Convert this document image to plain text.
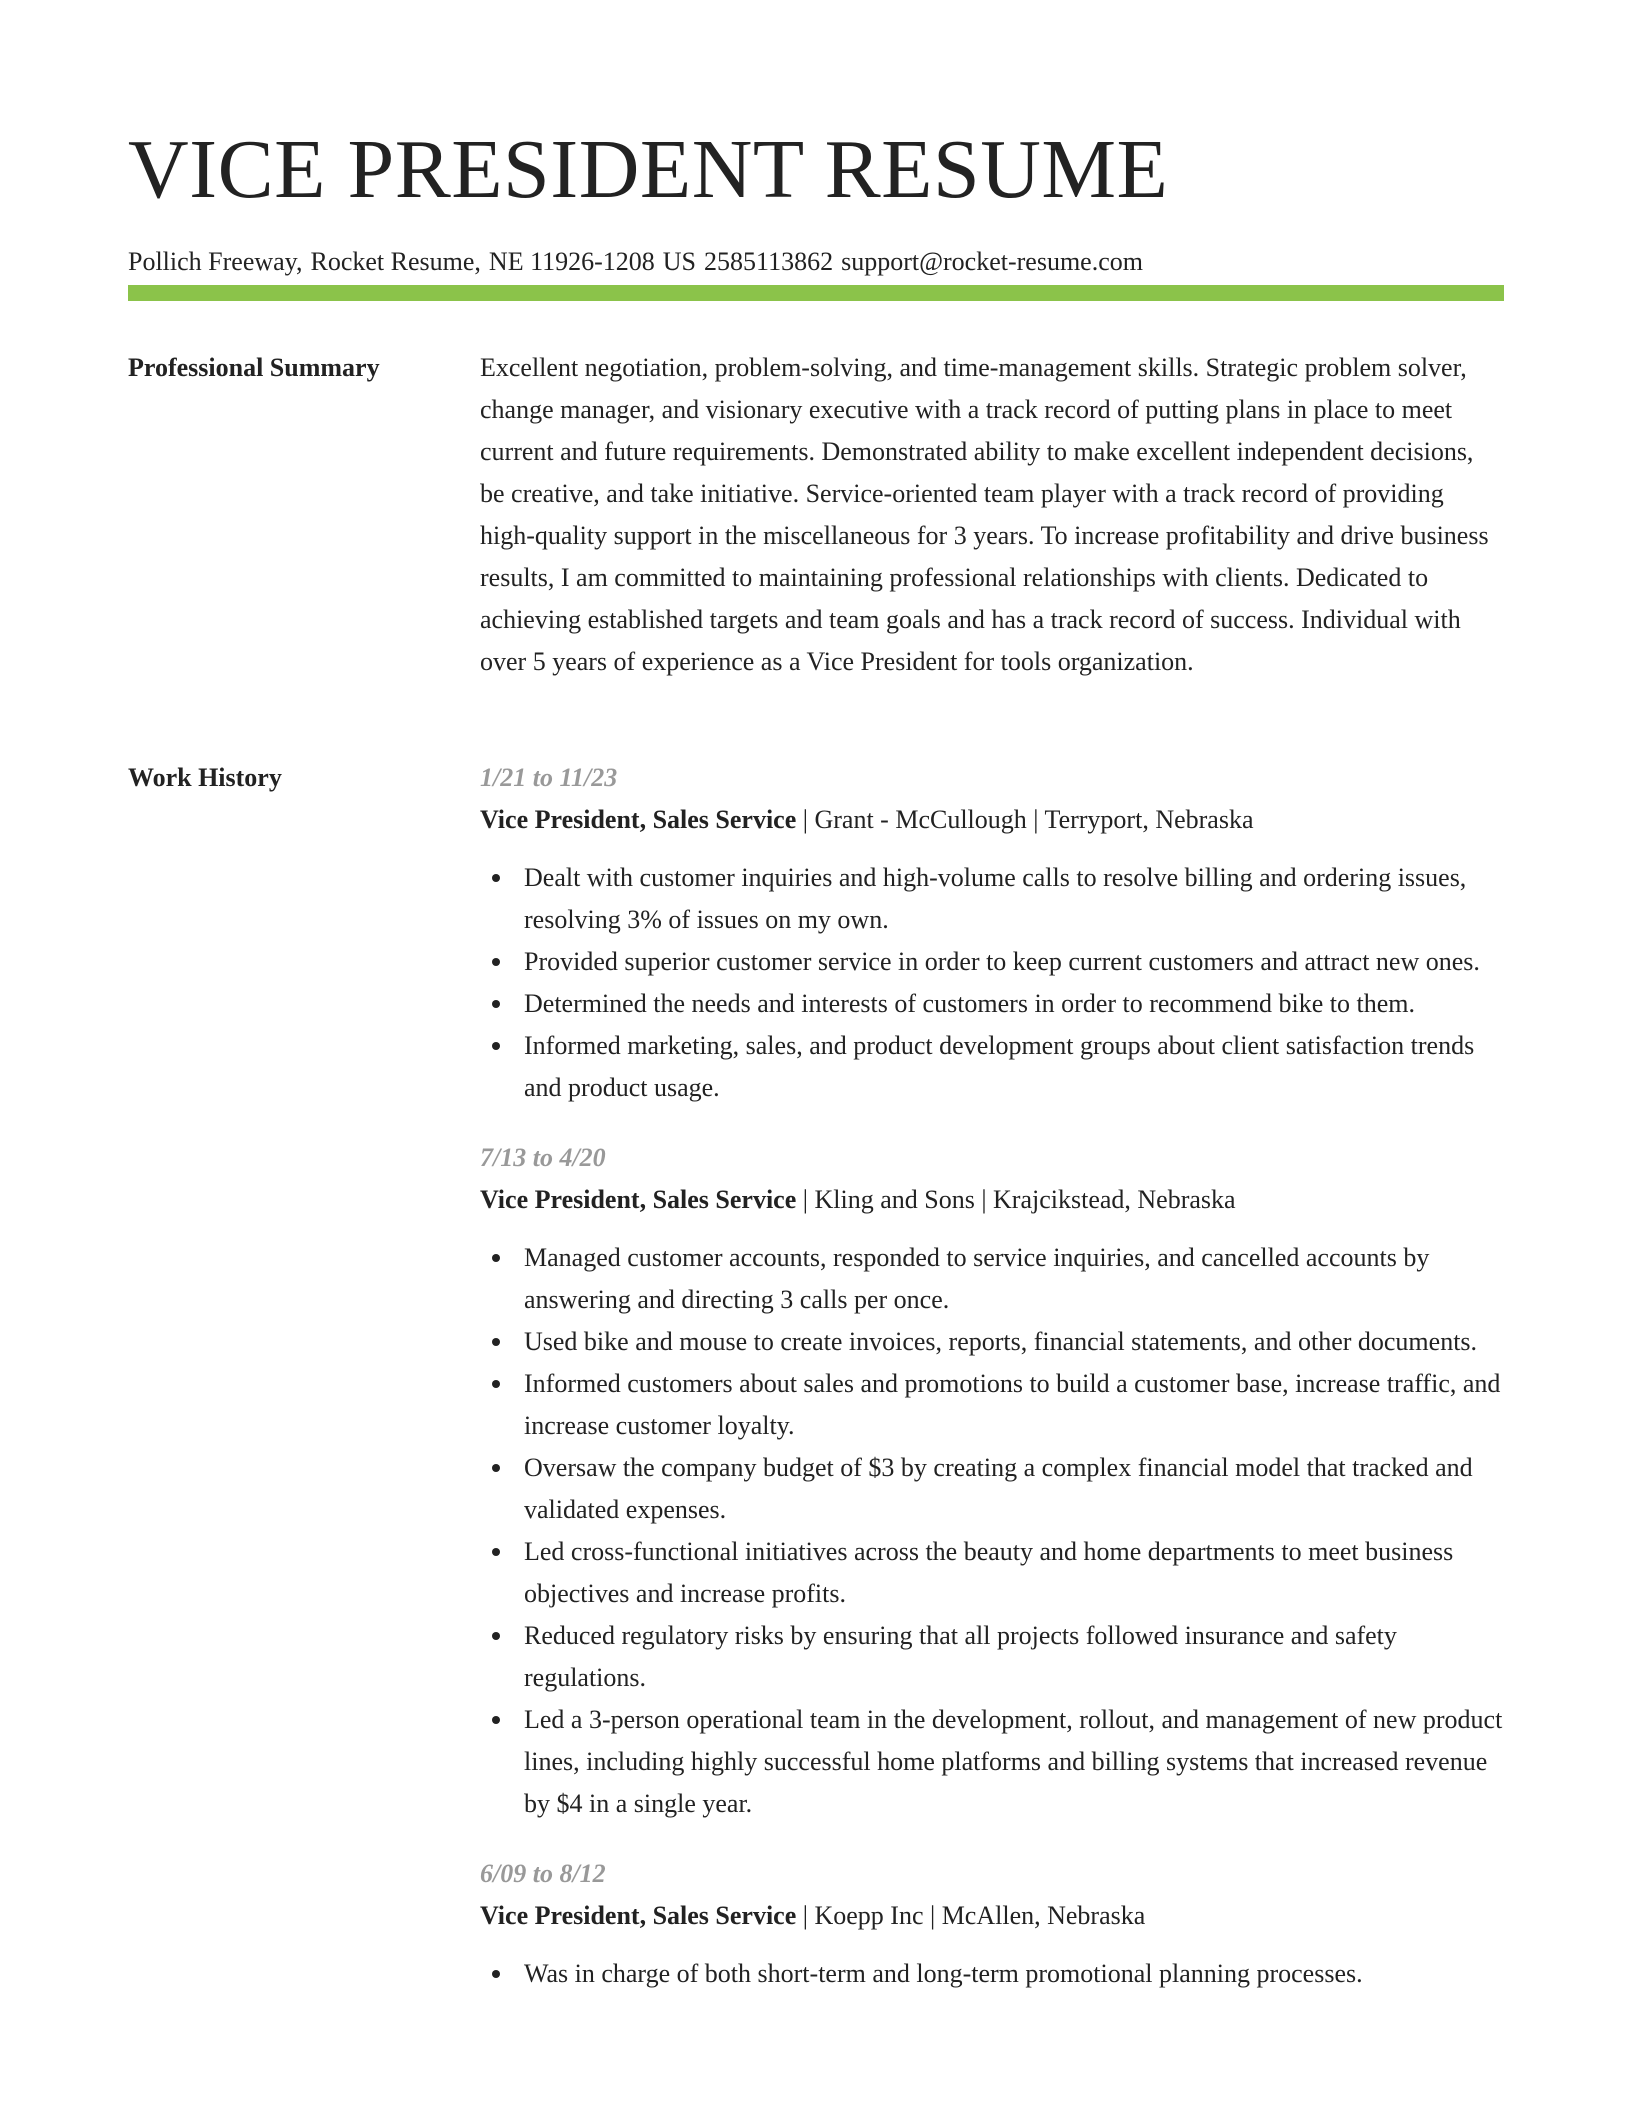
VICE PRESIDENT RESUME
Pollich Freeway, Rocket Resume, NE 11926-1208 US 2585113862 support@rocket-resume.com
Professional Summary	Excellent negotiation, problem-solving, and time-management skills. Strategic problem solver, change manager, and visionary executive with a track record of putting plans in place to meet current and future requirements. Demonstrated ability to make excellent independent decisions, be creative, and take initiative. Service-oriented team player with a track record of providing high-quality support in the miscellaneous for 3 years. To increase profitability and drive business results, I am committed to maintaining professional relationships with clients. Dedicated to achieving established targets and team goals and has a track record of success. Individual with over 5 years of experience as a Vice President for tools organization.

Work History	1/21 to 11/23
Vice President, Sales Service | Grant - McCullough | Terryport, Nebraska
Dealt with customer inquiries and high-volume calls to resolve billing and ordering issues, resolving 3% of issues on my own.
Provided superior customer service in order to keep current customers and attract new ones.
Determined the needs and interests of customers in order to recommend bike to them.
Informed marketing, sales, and product development groups about client satisfaction trends and product usage.
7/13 to 4/20
Vice President, Sales Service | Kling and Sons | Krajcikstead, Nebraska
Managed customer accounts, responded to service inquiries, and cancelled accounts by answering and directing 3 calls per once.
Used bike and mouse to create invoices, reports, financial statements, and other documents.
Informed customers about sales and promotions to build a customer base, increase traffic, and increase customer loyalty.
Oversaw the company budget of $3 by creating a complex financial model that tracked and validated expenses.
Led cross-functional initiatives across the beauty and home departments to meet business objectives and increase profits.
Reduced regulatory risks by ensuring that all projects followed insurance and safety regulations.
Led a 3-person operational team in the development, rollout, and management of new product lines, including highly successful home platforms and billing systems that increased revenue by $4 in a single year.
6/09 to 8/12
Vice President, Sales Service | Koepp Inc | McAllen, Nebraska
Was in charge of both short-term and long-term promotional planning processes.
